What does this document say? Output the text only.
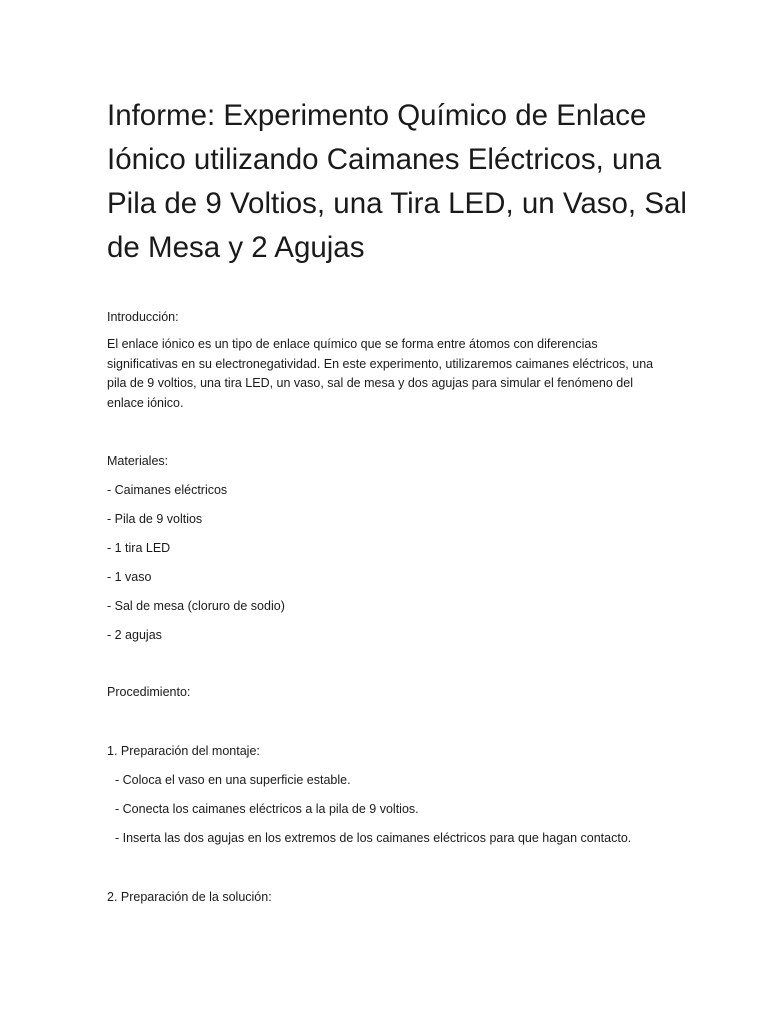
Informe: Experimento Químico de Enlace Iónico utilizando Caimanes Eléctricos, una Pila de 9 Voltios, una Tira LED, un Vaso, Sal de Mesa y 2 Agujas

Introducción:

El enlace iónico es un tipo de enlace químico que se forma entre átomos con diferencias
significativas en su electronegatividad. En este experimento, utilizaremos caimanes eléctricos, una
pila de 9 voltios, una tira LED, un vaso, sal de mesa y dos agujas para simular el fenómeno del
enlace iónico.

Materiales:

- Caimanes eléctricos

- Pila de 9 voltios

- 1 tira LED

- 1 vaso

- Sal de mesa (cloruro de sodio)

- 2 agujas

Procedimiento:

1. Preparación del montaje:

- Coloca el vaso en una superficie estable.

- Conecta los caimanes eléctricos a la pila de 9 voltios.

- Inserta las dos agujas en los extremos de los caimanes eléctricos para que hagan contacto.

2. Preparación de la solución:
